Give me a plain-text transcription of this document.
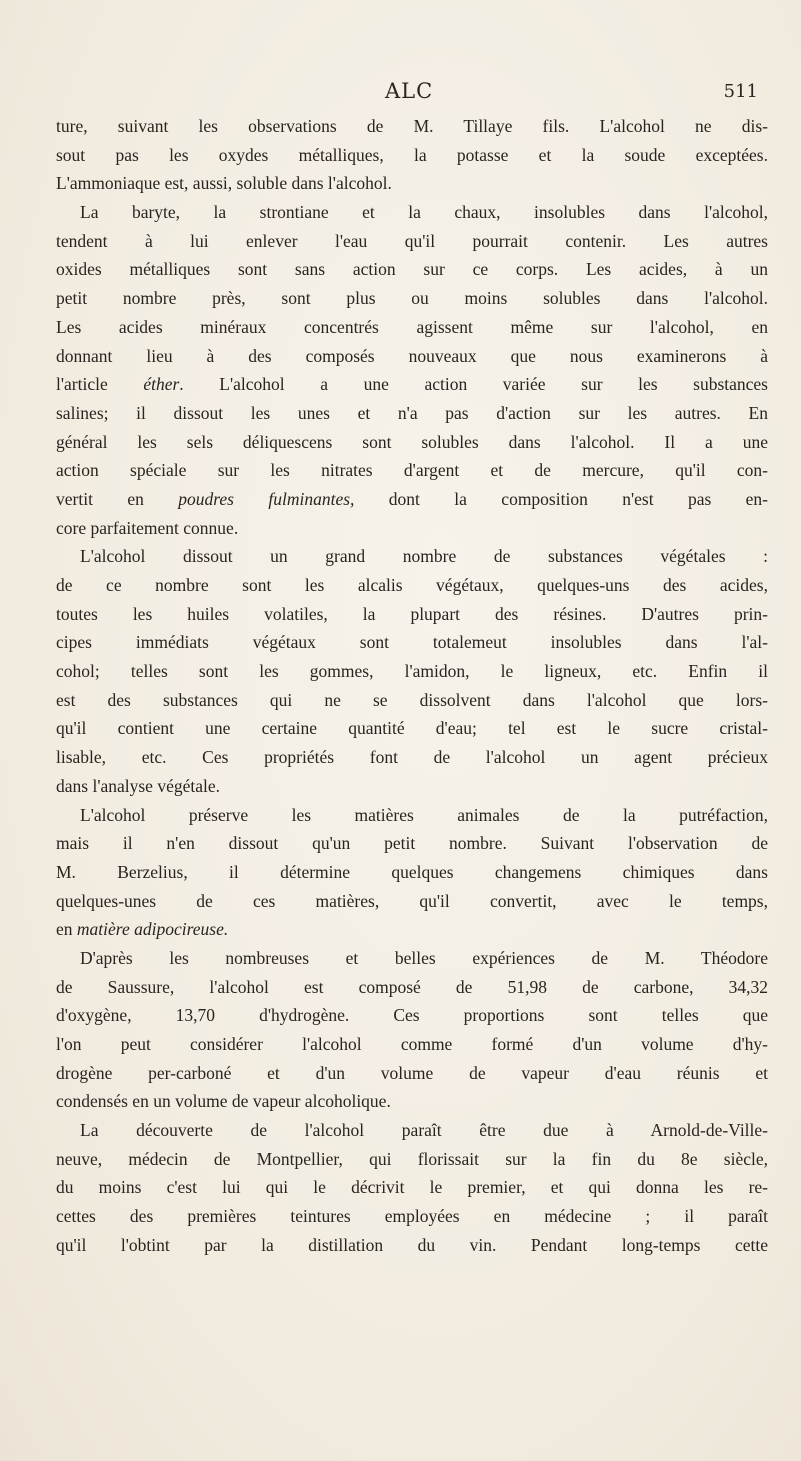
ALC	511
ture, suivant les observations de M. Tillaye fils. L'alcohol ne dis-
sout pas les oxydes métalliques, la potasse et la soude exceptées.
L'ammoniaque est, aussi, soluble dans l'alcohol.
La baryte, la strontiane et la chaux, insolubles dans l'alcohol,
tendent à lui enlever l'eau qu'il pourrait contenir. Les autres
oxides métalliques sont sans action sur ce corps. Les acides, à un
petit nombre près, sont plus ou moins solubles dans l'alcohol.
Les acides minéraux concentrés agissent même sur l'alcohol, en
donnant lieu à des composés nouveaux que nous examinerons à
l'article éther. L'alcohol a une action variée sur les substances
salines; il dissout les unes et n'a pas d'action sur les autres. En
général les sels déliquescens sont solubles dans l'alcohol. Il a une
action spéciale sur les nitrates d'argent et de mercure, qu'il con-
vertit en poudres fulminantes, dont la composition n'est pas en-
core parfaitement connue.
L'alcohol dissout un grand nombre de substances végétales :
de ce nombre sont les alcalis végétaux, quelques-uns des acides,
toutes les huiles volatiles, la plupart des résines. D'autres prin-
cipes immédiats végétaux sont totalemeut insolubles dans l'al-
cohol; telles sont les gommes, l'amidon, le ligneux, etc. Enfin il
est des substances qui ne se dissolvent dans l'alcohol que lors-
qu'il contient une certaine quantité d'eau; tel est le sucre cristal-
lisable, etc. Ces propriétés font de l'alcohol un agent précieux
dans l'analyse végétale.
L'alcohol préserve les matières animales de la putréfaction,
mais il n'en dissout qu'un petit nombre. Suivant l'observation de
M. Berzelius, il détermine quelques changemens chimiques dans
quelques-unes de ces matières, qu'il convertit, avec le temps,
en matière adipocireuse.
D'après les nombreuses et belles expériences de M. Théodore
de Saussure, l'alcohol est composé de 51,98 de carbone, 34,32
d'oxygène, 13,70 d'hydrogène. Ces proportions sont telles que
l'on peut considérer l'alcohol comme formé d'un volume d'hy-
drogène per-carboné et d'un volume de vapeur d'eau réunis et
condensés en un volume de vapeur alcoholique.
La découverte de l'alcohol paraît être due à Arnold-de-Ville-
neuve, médecin de Montpellier, qui florissait sur la fin du 8e siècle,
du moins c'est lui qui le décrivit le premier, et qui donna les re-
cettes des premières teintures employées en médecine ; il paraît
qu'il l'obtint par la distillation du vin. Pendant long-temps cette
